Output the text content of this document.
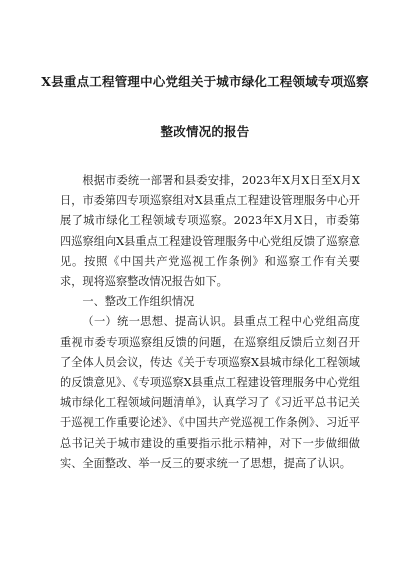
X县重点工程管理中心党组关于城市绿化工程领域专项巡察
整改情况的报告

根据市委统一部署和县委安排，2023年X月X日至X月X日，市委第四专项巡察组对X县重点工程建设管理服务中心开展了城市绿化工程领域专项巡察。2023年X月X日，市委第四巡察组向X县重点工程建设管理服务中心党组反馈了巡察意见。按照《中国共产党巡视工作条例》和巡察工作有关要求，现将巡察整改情况报告如下。

一、整改工作组织情况

（一）统一思想、提高认识。县重点工程中心党组高度重视市委专项巡察组反馈的问题，在巡察组反馈后立刻召开了全体人员会议，传达《关于专项巡察X县城市绿化工程领域的反馈意见》、《专项巡察X县重点工程建设管理服务中心党组城市绿化工程领域问题清单》，认真学习了《习近平总书记关于巡视工作重要论述》、《中国共产党巡视工作条例》、习近平总书记关于城市建设的重要指示批示精神，对下一步做细做实、全面整改、举一反三的要求统一了思想，提高了认识。
